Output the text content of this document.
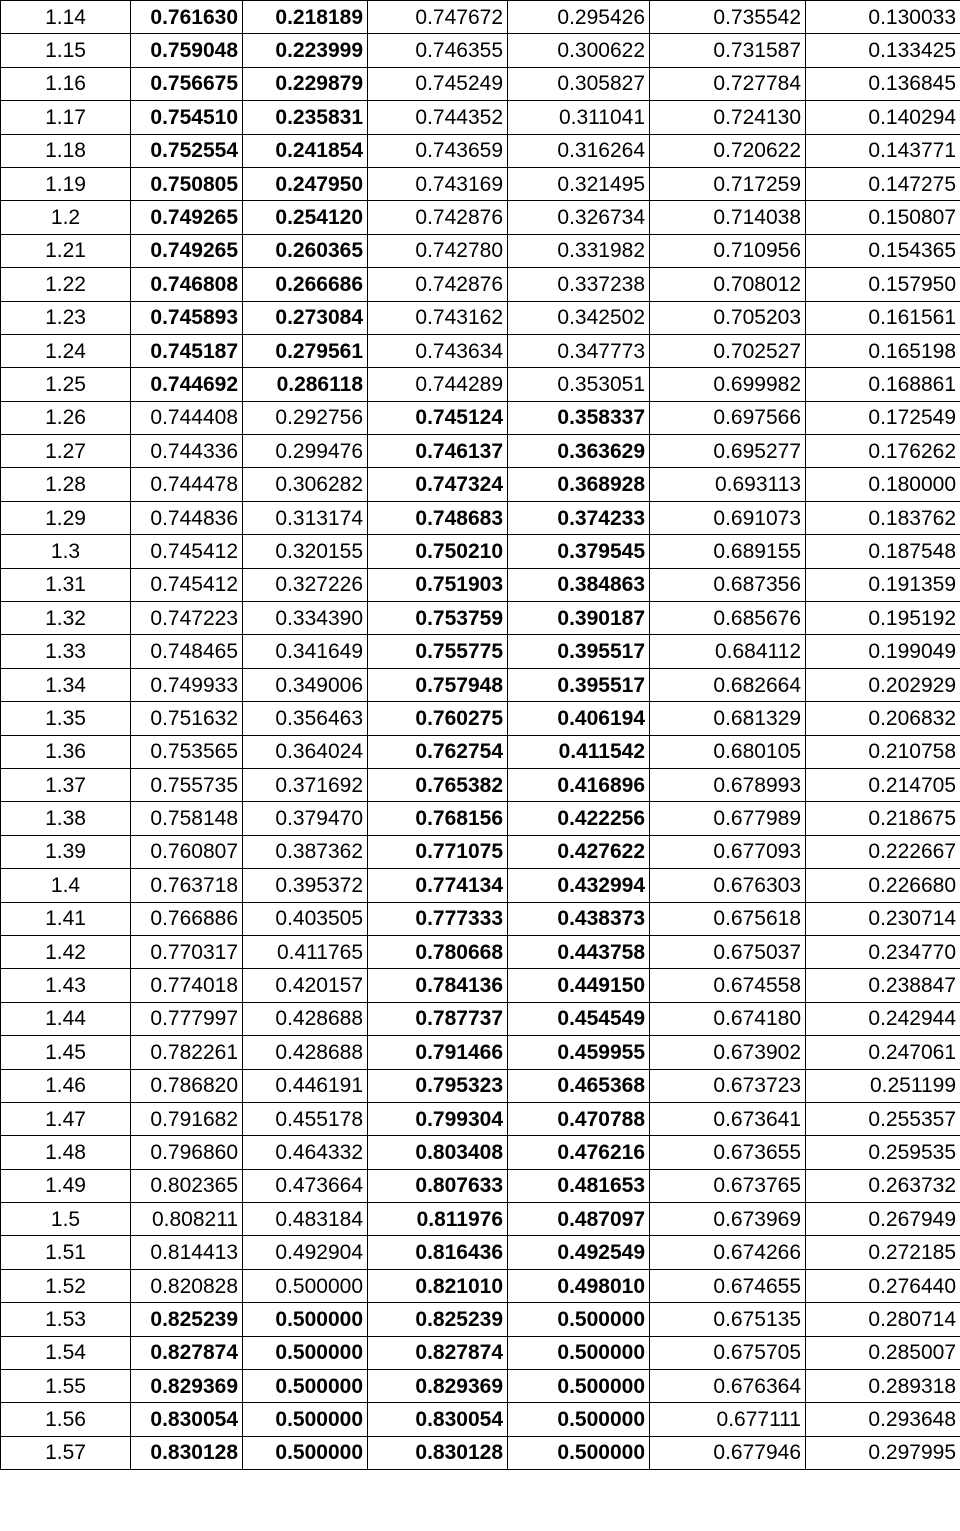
1.14	0.761630	0.218189	0.747672	0.295426	0.735542	0.130033
1.15	0.759048	0.223999	0.746355	0.300622	0.731587	0.133425
1.16	0.756675	0.229879	0.745249	0.305827	0.727784	0.136845
1.17	0.754510	0.235831	0.744352	0.311041	0.724130	0.140294
1.18	0.752554	0.241854	0.743659	0.316264	0.720622	0.143771
1.19	0.750805	0.247950	0.743169	0.321495	0.717259	0.147275
1.2	0.749265	0.254120	0.742876	0.326734	0.714038	0.150807
1.21	0.749265	0.260365	0.742780	0.331982	0.710956	0.154365
1.22	0.746808	0.266686	0.742876	0.337238	0.708012	0.157950
1.23	0.745893	0.273084	0.743162	0.342502	0.705203	0.161561
1.24	0.745187	0.279561	0.743634	0.347773	0.702527	0.165198
1.25	0.744692	0.286118	0.744289	0.353051	0.699982	0.168861
1.26	0.744408	0.292756	0.745124	0.358337	0.697566	0.172549
1.27	0.744336	0.299476	0.746137	0.363629	0.695277	0.176262
1.28	0.744478	0.306282	0.747324	0.368928	0.693113	0.180000
1.29	0.744836	0.313174	0.748683	0.374233	0.691073	0.183762
1.3	0.745412	0.320155	0.750210	0.379545	0.689155	0.187548
1.31	0.745412	0.327226	0.751903	0.384863	0.687356	0.191359
1.32	0.747223	0.334390	0.753759	0.390187	0.685676	0.195192
1.33	0.748465	0.341649	0.755775	0.395517	0.684112	0.199049
1.34	0.749933	0.349006	0.757948	0.395517	0.682664	0.202929
1.35	0.751632	0.356463	0.760275	0.406194	0.681329	0.206832
1.36	0.753565	0.364024	0.762754	0.411542	0.680105	0.210758
1.37	0.755735	0.371692	0.765382	0.416896	0.678993	0.214705
1.38	0.758148	0.379470	0.768156	0.422256	0.677989	0.218675
1.39	0.760807	0.387362	0.771075	0.427622	0.677093	0.222667
1.4	0.763718	0.395372	0.774134	0.432994	0.676303	0.226680
1.41	0.766886	0.403505	0.777333	0.438373	0.675618	0.230714
1.42	0.770317	0.411765	0.780668	0.443758	0.675037	0.234770
1.43	0.774018	0.420157	0.784136	0.449150	0.674558	0.238847
1.44	0.777997	0.428688	0.787737	0.454549	0.674180	0.242944
1.45	0.782261	0.428688	0.791466	0.459955	0.673902	0.247061
1.46	0.786820	0.446191	0.795323	0.465368	0.673723	0.251199
1.47	0.791682	0.455178	0.799304	0.470788	0.673641	0.255357
1.48	0.796860	0.464332	0.803408	0.476216	0.673655	0.259535
1.49	0.802365	0.473664	0.807633	0.481653	0.673765	0.263732
1.5	0.808211	0.483184	0.811976	0.487097	0.673969	0.267949
1.51	0.814413	0.492904	0.816436	0.492549	0.674266	0.272185
1.52	0.820828	0.500000	0.821010	0.498010	0.674655	0.276440
1.53	0.825239	0.500000	0.825239	0.500000	0.675135	0.280714
1.54	0.827874	0.500000	0.827874	0.500000	0.675705	0.285007
1.55	0.829369	0.500000	0.829369	0.500000	0.676364	0.289318
1.56	0.830054	0.500000	0.830054	0.500000	0.677111	0.293648
1.57	0.830128	0.500000	0.830128	0.500000	0.677946	0.297995
